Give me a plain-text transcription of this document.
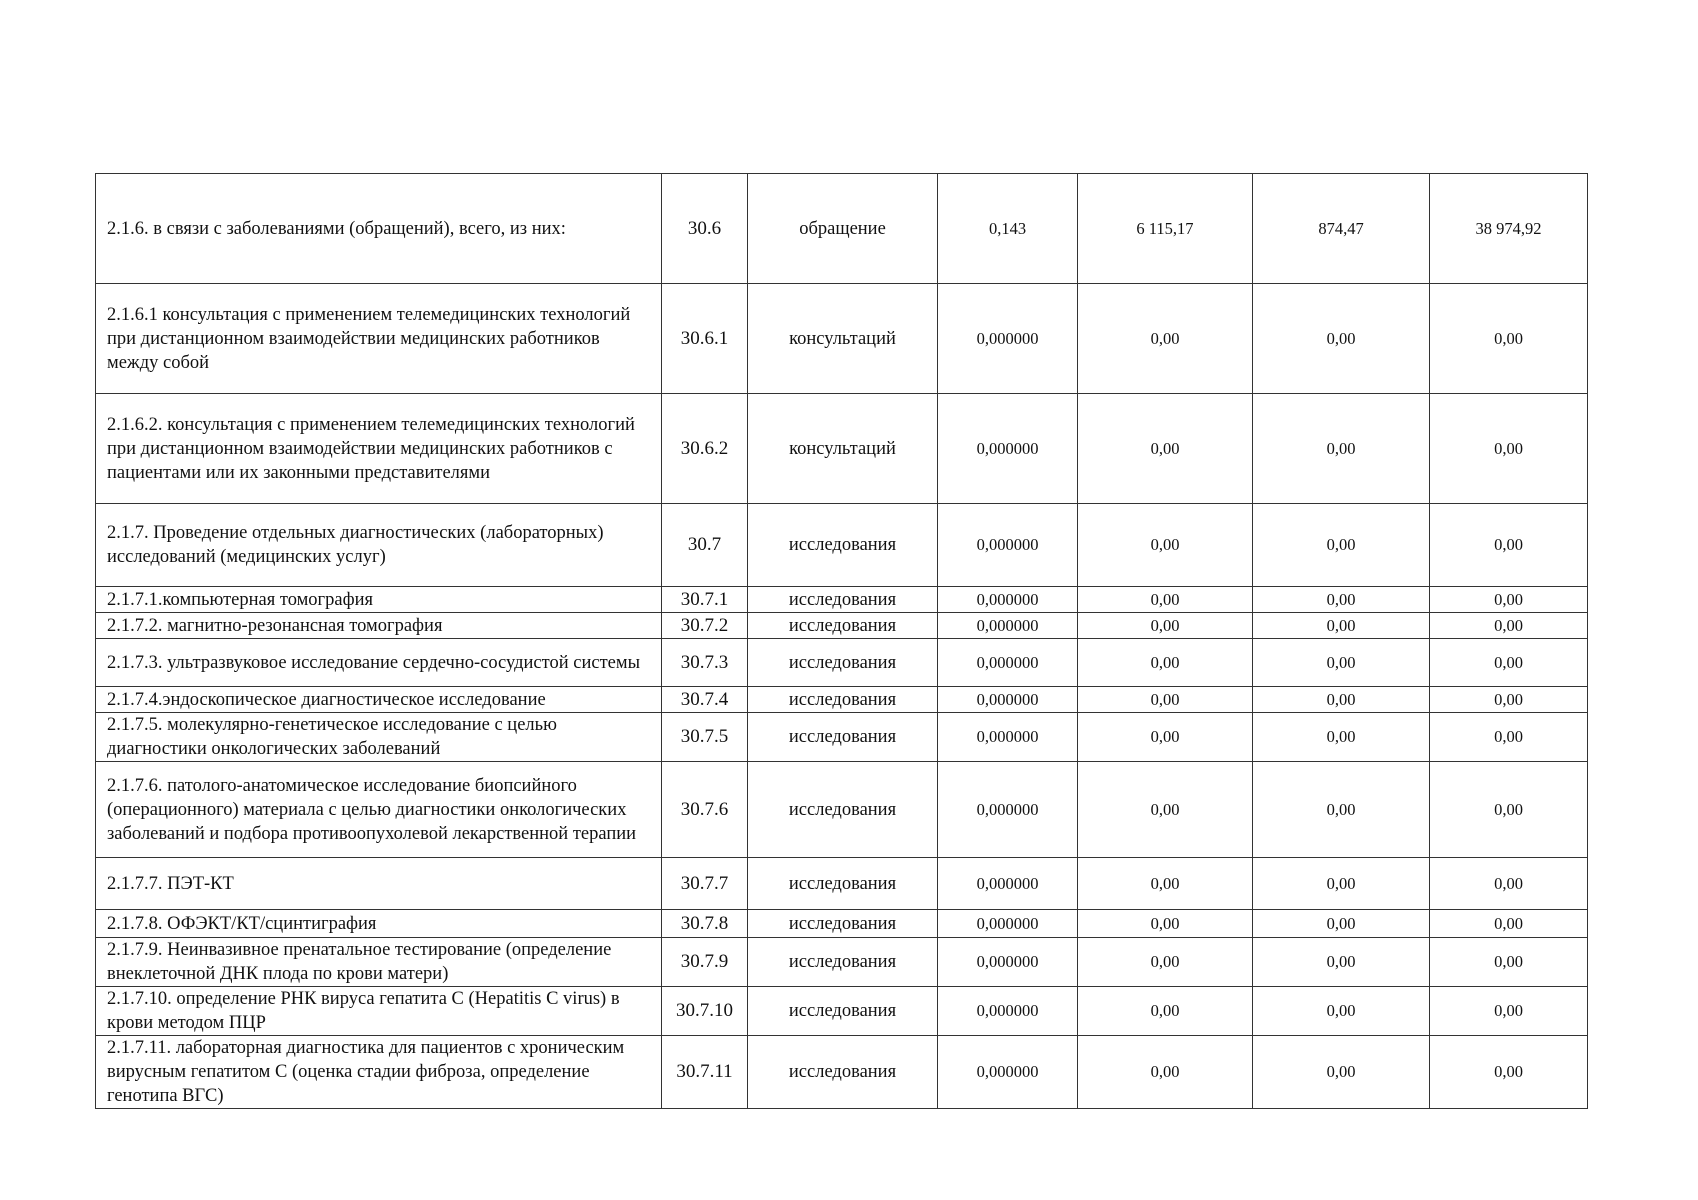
2.1.6. в связи с заболеваниями (обращений), всего, из них:	30.6	обращение	0,143	6 115,17	874,47	38 974,92
2.1.6.1 консультация с применением телемедицинских технологий при дистанционном взаимодействии медицинских работников между собой	30.6.1	консультаций	0,000000	0,00	0,00	0,00
2.1.6.2. консультация с применением телемедицинских технологий при дистанционном взаимодействии медицинских работников с пациентами или их законными представителями	30.6.2	консультаций	0,000000	0,00	0,00	0,00
2.1.7. Проведение отдельных диагностических (лабораторных) исследований (медицинских услуг)	30.7	исследования	0,000000	0,00	0,00	0,00
2.1.7.1.компьютерная томография	30.7.1	исследования	0,000000	0,00	0,00	0,00
2.1.7.2. магнитно-резонансная томография	30.7.2	исследования	0,000000	0,00	0,00	0,00
2.1.7.3. ультразвуковое исследование сердечно-сосудистой системы	30.7.3	исследования	0,000000	0,00	0,00	0,00
2.1.7.4.эндоскопическое диагностическое исследование	30.7.4	исследования	0,000000	0,00	0,00	0,00
2.1.7.5. молекулярно-генетическое исследование с целью диагностики онкологических заболеваний	30.7.5	исследования	0,000000	0,00	0,00	0,00
2.1.7.6. патолого-анатомическое исследование биопсийного (операционного) материала с целью диагностики онкологических заболеваний и подбора противоопухолевой лекарственной терапии	30.7.6	исследования	0,000000	0,00	0,00	0,00
2.1.7.7. ПЭТ-КТ	30.7.7	исследования	0,000000	0,00	0,00	0,00
2.1.7.8. ОФЭКТ/КТ/сцинтиграфия	30.7.8	исследования	0,000000	0,00	0,00	0,00
2.1.7.9. Неинвазивное пренатальное тестирование (определение внеклеточной ДНК плода по крови матери)	30.7.9	исследования	0,000000	0,00	0,00	0,00
2.1.7.10. определение РНК вируса гепатита С (Hepatitis C virus) в крови методом ПЦР	30.7.10	исследования	0,000000	0,00	0,00	0,00
2.1.7.11. лабораторная диагностика для пациентов с хроническим вирусным гепатитом С (оценка стадии фиброза, определение генотипа ВГС)	30.7.11	исследования	0,000000	0,00	0,00	0,00
